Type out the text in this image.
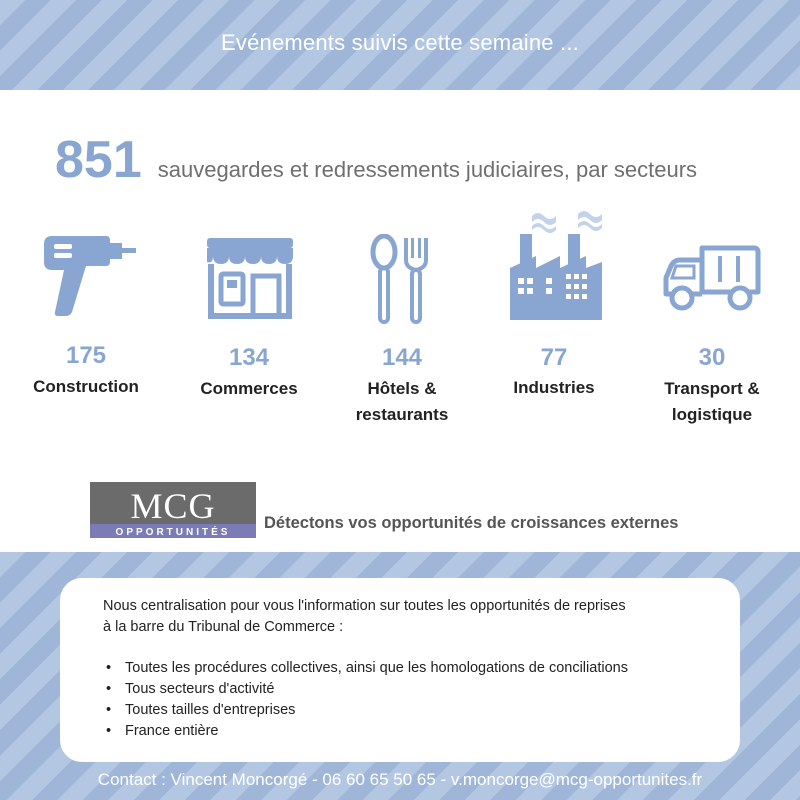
Evénements suivis cette semaine ...
851 sauvegardes et redressements judiciaires, par secteurs
175
Construction
134
Commerces
144
Hôtels &
restaurants
77
Industries
30
Transport &
logistique
MCG
OPPORTUNITÉS
Détectons vos opportunités de croissances externes
Nous centralisation pour vous l'information sur toutes les opportunités de reprises
à la barre du Tribunal de Commerce :
• Toutes les procédures collectives, ainsi que les homologations de conciliations
• Tous secteurs d'activité
• Toutes tailles d'entreprises
• France entière
Contact : Vincent Moncorgé - 06 60 65 50 65 - v.moncorge@mcg-opportunites.fr
